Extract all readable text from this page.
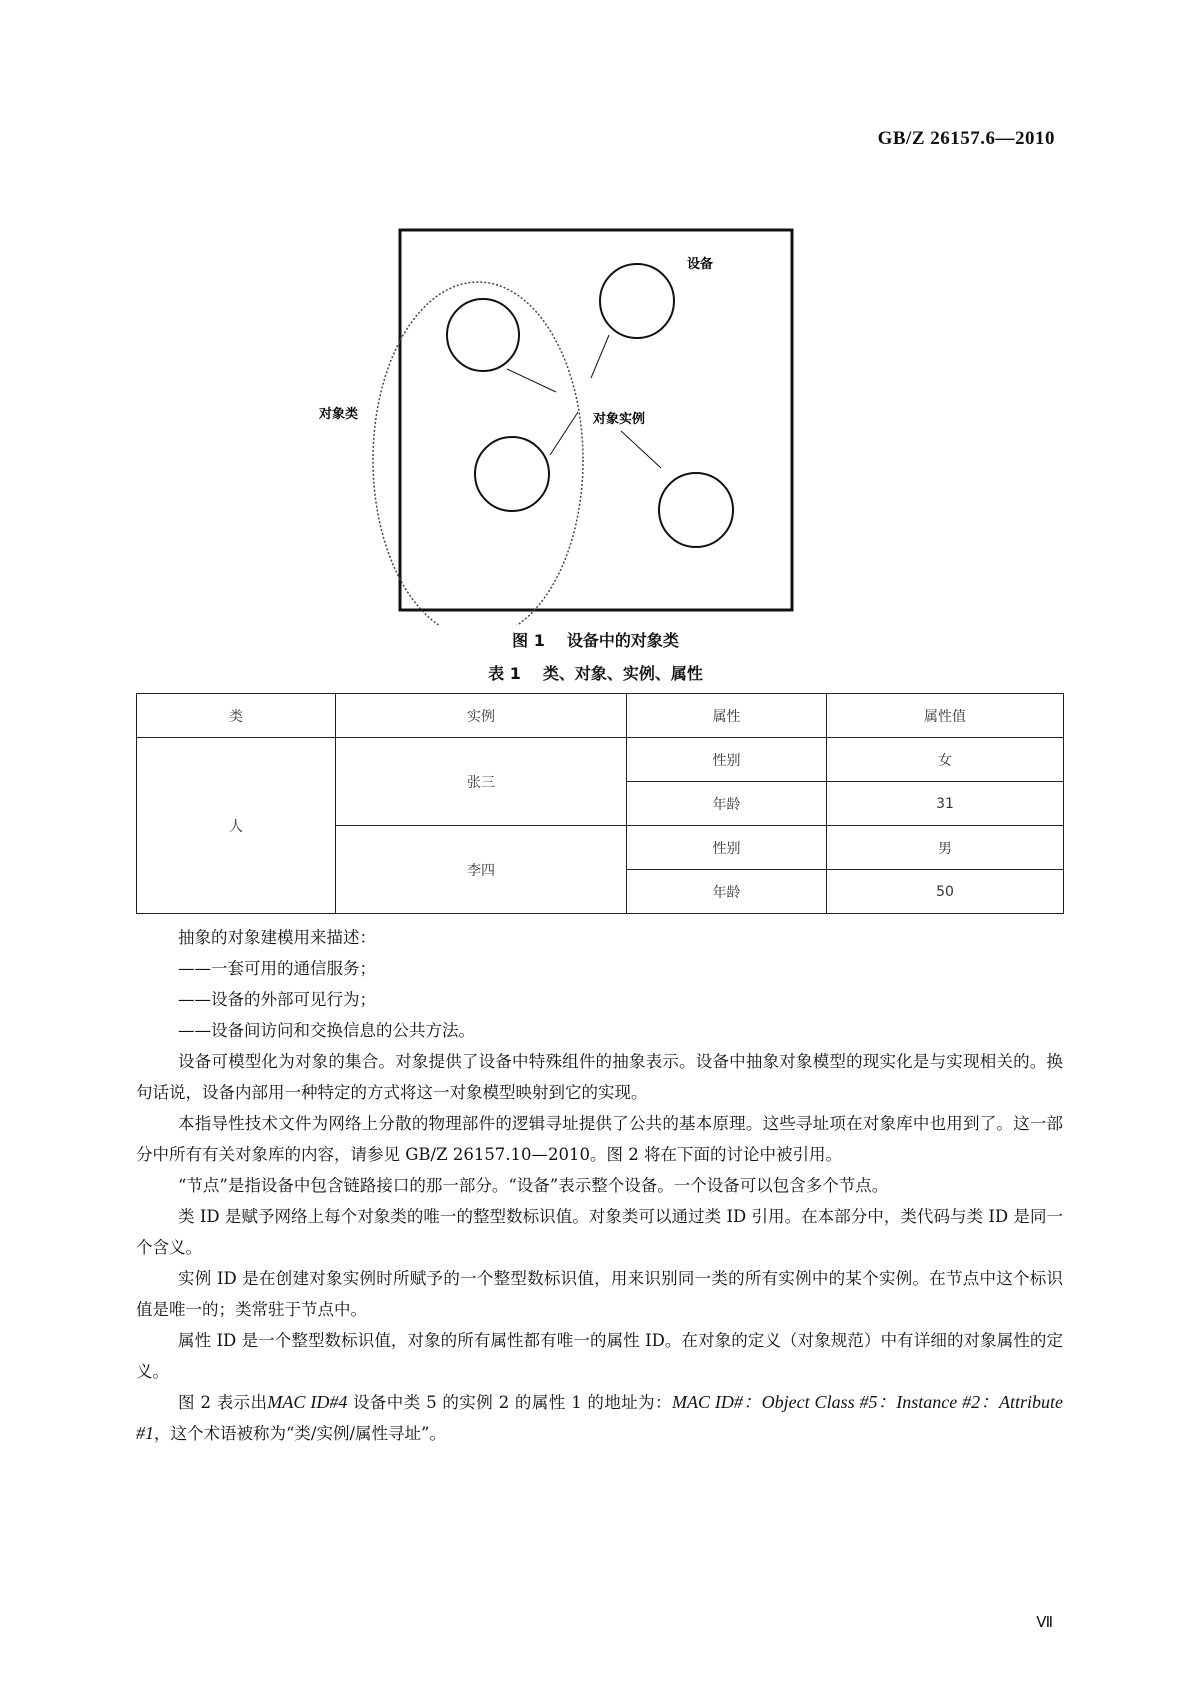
GB/Z 26157.6—2010
设备
对象类	对象实例
图 1 设备中的对象类
表 1 类、对象、实例、属性
类	实例	属性	属性值
人	张三	性别	女
		年龄	31
	李四	性别	男
		年龄	50

抽象的对象建模用来描述：

——一套可用的通信服务；

——设备的外部可见行为；

——设备间访问和交换信息的公共方法。

设备可模型化为对象的集合。对象提供了设备中特殊组件的抽象表示。设备中抽象对象模型的现实化是与实现相关的。换句话说，设备内部用一种特定的方式将这一对象模型映射到它的实现。

本指导性技术文件为网络上分散的物理部件的逻辑寻址提供了公共的基本原理。这些寻址项在对象库中也用到了。这一部分中所有有关对象库的内容，请参见 GB/Z 26157.10—2010。图 2 将在下面的讨论中被引用。

“节点”是指设备中包含链路接口的那一部分。“设备”表示整个设备。一个设备可以包含多个节点。

类 ID 是赋予网络上每个对象类的唯一的整型数标识值。对象类可以通过类 ID 引用。在本部分中，类代码与类 ID 是同一个含义。

实例 ID 是在创建对象实例时所赋予的一个整型数标识值，用来识别同一类的所有实例中的某个实例。在节点中这个标识值是唯一的；类常驻于节点中。

属性 ID 是一个整型数标识值，对象的所有属性都有唯一的属性 ID。在对象的定义（对象规范）中有详细的对象属性的定义。

图 2 表示出MAC ID#4 设备中类 5 的实例 2 的属性 1 的地址为：MAC ID#：Object Class #5：Instance #2：Attribute #1，这个术语被称为“类/实例/属性寻址”。

Ⅶ
